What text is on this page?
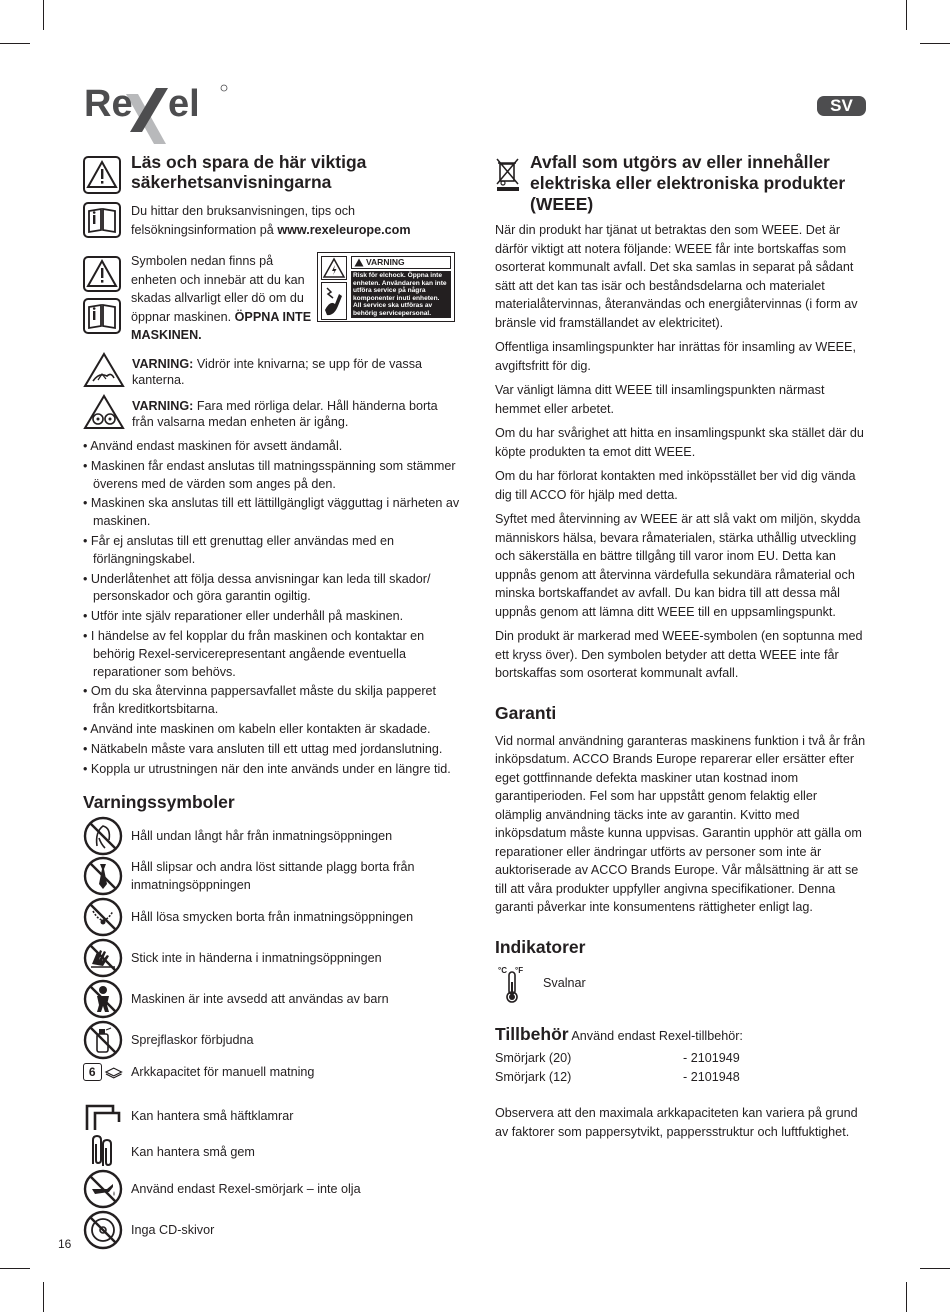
Re el	SV
Läs och spara de här viktiga säkerhetsanvisningarna

Du hittar den bruksanvisningen, tips och felsökningsinformation på www.rexeleurope.com

Symbolen nedan finns på enheten och innebär att du kan skadas allvarligt eller dö om du öppnar maskinen. ÖPPNA INTE MASKINEN.

VARNING
Risk för elchock. Öppna inte enheten. Användaren kan inte utföra service på några komponenter inuti enheten. All service ska utföras av behörig servicepersonal.

VARNING: Vidrör inte knivarna; se upp för de vassa kanterna.

VARNING: Fara med rörliga delar. Håll händerna borta från valsarna medan enheten är igång.

• Använd endast maskinen för avsett ändamål.
• Maskinen får endast anslutas till matningsspänning som stämmer överens med de värden som anges på den.
• Maskinen ska anslutas till ett lättillgängligt vägguttag i närheten av maskinen.
• Får ej anslutas till ett grenuttag eller användas med en förlängningskabel.
• Underlåtenhet att följa dessa anvisningar kan leda till skador/ personskador och göra garantin ogiltig.
• Utför inte själv reparationer eller underhåll på maskinen.
• I händelse av fel kopplar du från maskinen och kontaktar en behörig Rexel-servicerepresentant angående eventuella reparationer som behövs.
• Om du ska återvinna pappersavfallet måste du skilja papperet från kreditkortsbitarna.
• Använd inte maskinen om kabeln eller kontakten är skadade.
• Nätkabeln måste vara ansluten till ett uttag med jordanslutning.
• Koppla ur utrustningen när den inte används under en längre tid.
Varningssymboler
Håll undan långt hår från inmatningsöppningen
Håll slipsar och andra löst sittande plagg borta från inmatningsöppningen
Håll lösa smycken borta från inmatningsöppningen
Stick inte in händerna i inmatningsöppningen
Maskinen är inte avsedd att användas av barn
Sprejflaskor förbjudna
6	Arkkapacitet för manuell matning
Kan hantera små häftklamrar
Kan hantera små gem
Använd endast Rexel-smörjark – inte olja
Inga CD-skivor
16
Avfall som utgörs av eller innehåller elektriska eller elektroniska produkter (WEEE)

När din produkt har tjänat ut betraktas den som WEEE. Det är därför viktigt att notera följande: WEEE får inte bortskaffas som osorterat kommunalt avfall. Det ska samlas in separat på sådant sätt att det kan tas isär och beståndsdelarna och materialet materialåtervinnas, återanvändas och energiåtervinnas (i form av bränsle vid framställandet av elektricitet).

Offentliga insamlingspunkter har inrättas för insamling av WEEE, avgiftsfritt för dig.

Var vänligt lämna ditt WEEE till insamlingspunkten närmast hemmet eller arbetet.

Om du har svårighet att hitta en insamlingspunkt ska stället där du köpte produkten ta emot ditt WEEE.

Om du har förlorat kontakten med inköpsstället ber vid dig vända dig till ACCO för hjälp med detta.

Syftet med återvinning av WEEE är att slå vakt om miljön, skydda människors hälsa, bevara råmaterialen, stärka uthållig utveckling och säkerställa en bättre tillgång till varor inom EU. Detta kan uppnås genom att återvinna värdefulla sekundära råmaterial och minska bortskaffandet av avfall. Du kan bidra till att dessa mål uppnås genom att lämna ditt WEEE till en uppsamlingspunkt.

Din produkt är markerad med WEEE-symbolen (en soptunna med ett kryss över). Den symbolen betyder att detta WEEE inte får bortskaffas som osorterat kommunalt avfall.

Garanti

Vid normal användning garanteras maskinens funktion i två år från inköpsdatum. ACCO Brands Europe reparerar eller ersätter efter eget gottfinnande defekta maskiner utan kostnad inom garantiperioden. Fel som har uppstått genom felaktig eller olämplig användning täcks inte av garantin. Kvitto med inköpsdatum måste kunna uppvisas. Garantin upphör att gälla om reparationer eller ändringar utförts av personer som inte är auktoriserade av ACCO Brands Europe. Vår målsättning är att se till att våra produkter uppfyller angivna specifikationer. Denna garanti påverkar inte konsumentens rättigheter enligt lag.

Indikatorer
°C °F
Svalnar
Tillbehör Använd endast Rexel-tillbehör:
Smörjark (20)	- 2101949
Smörjark (12)	- 2101948

Observera att den maximala arkkapaciteten kan variera på grund av faktorer som pappersytvikt, pappersstruktur och luftfuktighet.
